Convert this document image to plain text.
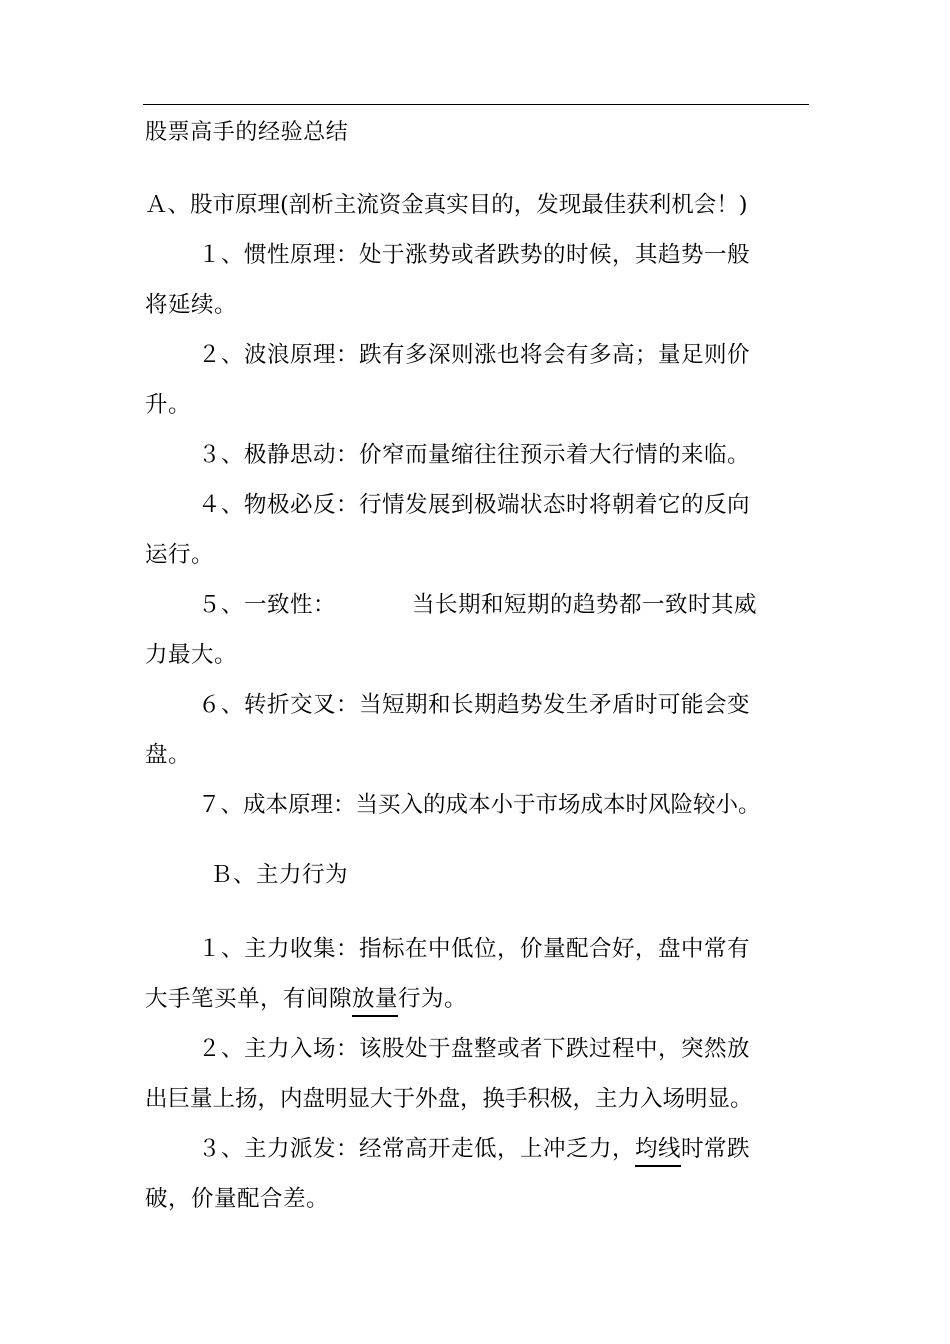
股票高手的经验总结
Ａ、股市原理(剖析主流资金真实目的，发现最佳获利机会！)
１、惯性原理：处于涨势或者跌势的时候，其趋势一般
将延续。
２、波浪原理：跌有多深则涨也将会有多高；量足则价
升。
３、极静思动：价窄而量缩往往预示着大行情的来临。
４、物极必反：行情发展到极端状态时将朝着它的反向
运行。
５、一致性：	当长期和短期的趋势都一致时其威
力最大。
６、转折交叉：当短期和长期趋势发生矛盾时可能会变
盘。
７、成本原理：当买入的成本小于市场成本时风险较小。
Ｂ、主力行为
１、主力收集：指标在中低位，价量配合好，盘中常有
大手笔买单，有间隙放量行为。
２、主力入场：该股处于盘整或者下跌过程中，突然放
出巨量上扬，内盘明显大于外盘，换手积极，主力入场明显。
３、主力派发：经常高开走低，上冲乏力，均线时常跌
破，价量配合差。
